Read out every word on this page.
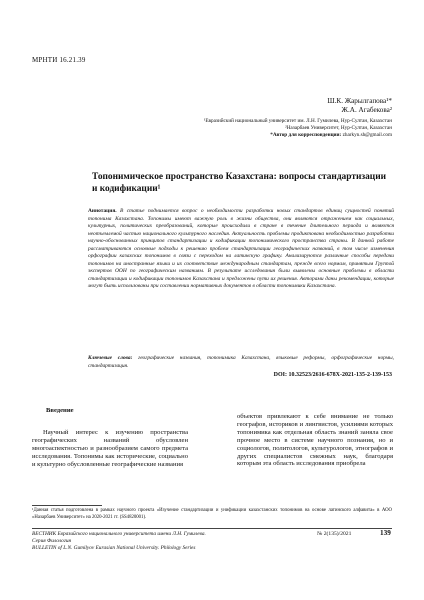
МРНТИ 16.21.39
Ш.К. Жарылгапова¹*
Ж.А. Агабекова²
¹Евразийский национальный университет им. Л.Н. Гумилева, Нур-Султан, Казахстан
²Назарбаев Университет, Нур-Султан, Казахстан
*Автор для корреспонденции: zharkyn.sh@gmail.com
Топонимическое пространство Казахстана: вопросы стандартизации и кодификации¹
Аннотация. В статье поднимается вопрос о необходимости разработки новых стандартов единиц сущностей понятий топонима Казахстана. Топонимы имеют важную роль в жизни общества, они являются отражением как социальных, культурных, политических преобразований, которые происходили в стране в течение длительного периода и являются неотъемлемой частью национального культурного наследия. Актуальность проблемы продиктована необходимостью разработки научно-обоснованных принципов стандартизации и кодификации топонимического пространства страны. В данной работе рассматриваются основные подходы к решению проблем стандартизации географических названий, в том числе изменения орфографии казахских топонимов в связи с переходом на латинскую графику. Анализируются различные способы передачи топонимов на иностранные языки и их соответствие международным стандартам, прежде всего нормам, принятым Группой экспертов ООН по географическим названиям. В результате исследования были выявлены основные проблемы в области стандартизации и кодификации топонимов Казахстана и предложены пути их решения. Авторами даны рекомендации, которые могут быть использованы при составлении нормативных документов в области топонимики Казахстана.
Ключевые слова: географические названия, топонимика Казахстана, языковые реформы, орфографические нормы, стандартизация.
DOI: 10.32523/2616-678X-2021-135-2-139-153
Введение

Научный интерес к изучению пространства географических названий обусловлен многоаспектностью и разнообразием самого предмета исследования. Топонимы как исторические, социально и культурно обусловленные географические названия

объектов привлекают к себе внимание не только географов, историков и лингвистов, усилиями которых топонимика как отдельная область знаний заняла свое прочное место в системе научного познания, но и социологов, политологов, культурологов, этнографов и других специалистов смежных наук, благодаря которым эта область исследования приобрела

¹Данная статья подготовлена в рамках научного проекта «Изучение стандартизации и унификации казахстанских топонимов на основе латинского алфавита» в АОО «Назарбаев Университет» на 2020-2021 гг. (SS4820001).
ВЕСТНИК Евразийского национального университета имени Л.Н. Гумилева.
Серия Филология
BULLETIN of L.N. Gumilyov Eurasian National University. Philology Series
№ 2(135)/2021	139
